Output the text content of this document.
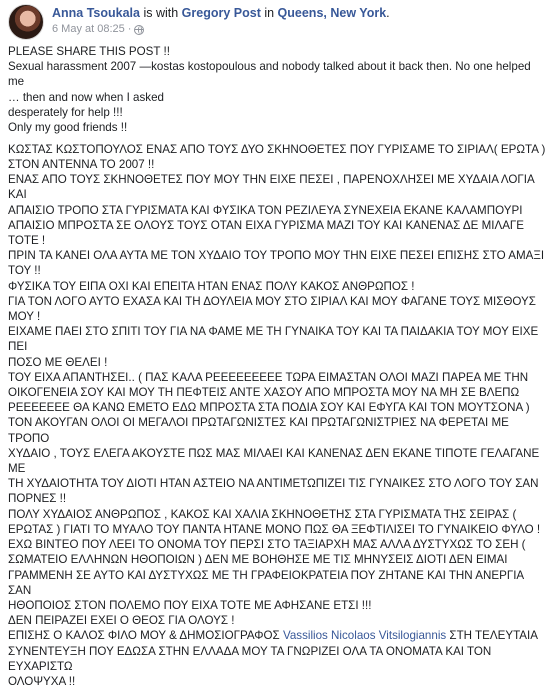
Anna Tsoukala is with Gregory Post in Queens, New York.
6 May at 08:25 ·

PLEASE SHARE THIS POST !!
Sexual harassment 2007 —kostas kostopoulous and nobody talked about it back then. No one helped me
… then and now when I asked
desperately for help !!!
Only my good friends !!

ΚΩΣΤΑΣ ΚΩΣΤΟΠΟΥΛΟΣ ΕΝΑΣ ΑΠΟ ΤΟΥΣ ΔΥΟ ΣΚΗΝΟΘΕΤΕΣ ΠΟΥ ΓΥΡΙΣΑΜΕ ΤΟ ΣΙΡΙΑΛ( ΕΡΩΤΑ )
ΣΤΟΝ ΑΝΤΕΝΝΑ ΤΟ 2007 !!
ΕΝΑΣ ΑΠΟ ΤΟΥΣ ΣΚΗΝΟΘΕΤΕΣ ΠΟΥ ΜΟΥ ΤΗΝ ΕΙΧΕ ΠΕΣΕΙ , ΠΑΡΕΝΟΧΛΗΣΕΙ ΜΕ ΧΥΔΑΙΑ ΛΟΓΙΑ ΚΑΙ
ΑΠΑΙΣΙΟ ΤΡΟΠΟ ΣΤΑ ΓΥΡΙΣΜΑΤΑ ΚΑΙ ΦΥΣΙΚΑ ΤΟΝ ΡΕΖΙΛΕΥΑ ΣΥΝΕΧΕΙΑ ΕΚΑΝΕ ΚΑΛΑΜΠΟΥΡΙ
ΑΠΑΙΣΙΟ ΜΠΡΟΣΤΑ ΣΕ ΟΛΟΥΣ ΤΟΥΣ ΟΤΑΝ ΕΙΧΑ ΓΥΡΙΣΜΑ ΜΑΖΙ ΤΟΥ ΚΑΙ ΚΑΝΕΝΑΣ ΔΕ ΜΙΛΑΓΕ ΤΟΤΕ !
ΠΡΙΝ ΤΑ ΚΑΝΕΙ ΟΛΑ ΑΥΤΑ ΜΕ ΤΟΝ ΧΥΔΑΙΟ ΤΟΥ ΤΡΟΠΟ ΜΟΥ ΤΗΝ ΕΙΧΕ ΠΕΣΕΙ ΕΠΙΣΗΣ ΣΤΟ ΑΜΑΞΙ
ΤΟΥ !!
ΦΥΣΙΚΑ ΤΟΥ ΕΙΠΑ ΟΧΙ ΚΑΙ ΕΠΕΙΤΑ ΗΤΑΝ ΕΝΑΣ ΠΟΛΥ ΚΑΚΟΣ ΑΝΘΡΩΠΟΣ !
ΓΙΑ ΤΟΝ ΛΟΓΟ ΑΥΤΟ ΕΧΑΣΑ ΚΑΙ ΤΗ ΔΟΥΛΕΙΑ ΜΟΥ ΣΤΟ ΣΙΡΙΑΛ ΚΑΙ ΜΟΥ ΦΑΓΑΝΕ ΤΟΥΣ ΜΙΣΘΟΥΣ
ΜΟΥ !
ΕΙΧΑΜΕ ΠΑΕΙ ΣΤΟ ΣΠΙΤΙ ΤΟΥ ΓΙΑ ΝΑ ΦΑΜΕ ΜΕ ΤΗ ΓΥΝΑΙΚΑ ΤΟΥ ΚΑΙ ΤΑ ΠΑΙΔΑΚΙΑ ΤΟΥ ΜΟΥ ΕΙΧΕ ΠΕΙ
ΠΟΣΟ ΜΕ ΘΕΛΕΙ !
ΤΟΥ ΕΙΧΑ ΑΠΑΝΤΗΣΕΙ.. ( ΠΑΣ ΚΑΛΑ ΡΕΕΕΕΕΕΕΕΕ ΤΩΡΑ ΕΙΜΑΣΤΑΝ ΟΛΟΙ ΜΑΖΙ ΠΑΡΕΑ ΜΕ ΤΗΝ
ΟΙΚΟΓΕΝΕΙΑ ΣΟΥ ΚΑΙ ΜΟΥ ΤΗ ΠΕΦΤΕΙΣ ΑΝΤΕ ΧΑΣΟΥ ΑΠΟ ΜΠΡΟΣΤΑ ΜΟΥ ΝΑ ΜΗ ΣΕ ΒΛΕΠΩ
ΡΕΕΕΕΕΕΕ ΘΑ ΚΑΝΩ ΕΜΕΤΟ ΕΔΩ ΜΠΡΟΣΤΑ ΣΤΑ ΠΟΔΙΑ ΣΟΥ ΚΑΙ ΕΦΥΓΑ ΚΑΙ ΤΟΝ ΜΟΥΤΣΟΝΑ )
ΤΟΝ ΑΚΟΥΓΑΝ ΟΛΟΙ ΟΙ ΜΕΓΑΛΟΙ ΠΡΩΤΑΓΩΝΙΣΤΕΣ ΚΑΙ ΠΡΩΤΑΓΩΝΙΣΤΡΙΕΣ ΝΑ ΦΕΡΕΤΑΙ ΜΕ ΤΡΟΠΟ
ΧΥΔΑΙΟ , ΤΟΥΣ ΕΛΕΓΑ ΑΚΟΥΣΤΕ ΠΩΣ ΜΑΣ ΜΙΛΑΕΙ ΚΑΙ ΚΑΝΕΝΑΣ ΔΕΝ ΕΚΑΝΕ ΤΙΠΟΤΕ ΓΕΛΑΓΑΝΕ ΜΕ
ΤΗ ΧΥΔΑΙΟΤΗΤΑ ΤΟΥ ΔΙΟΤΙ ΗΤΑΝ ΑΣΤΕΙΟ ΝΑ ΑΝΤΙΜΕΤΩΠΙΖΕΙ ΤΙΣ ΓΥΝΑΙΚΕΣ ΣΤΟ ΛΟΓΟ ΤΟΥ ΣΑΝ
ΠΟΡΝΕΣ !!
ΠΟΛΥ ΧΥΔΑΙΟΣ ΑΝΘΡΩΠΟΣ , ΚΑΚΟΣ ΚΑΙ ΧΑΛΙΑ ΣΚΗΝΟΘΕΤΗΣ ΣΤΑ ΓΥΡΙΣΜΑΤΑ ΤΗΣ ΣΕΙΡΑΣ (
ΕΡΩΤΑΣ ) ΓΙΑΤΙ ΤΟ ΜΥΑΛΟ ΤΟΥ ΠΑΝΤΑ ΗΤΑΝΕ ΜΟΝΟ ΠΩΣ ΘΑ ΞΕΦΤΙΛΙΣΕΙ ΤΟ ΓΥΝΑΙΚΕΙΟ ΦΥΛΟ !
ΕΧΩ ΒΙΝΤΕΟ ΠΟΥ ΛΕΕΙ ΤΟ ΟΝΟΜΑ ΤΟΥ ΠΕΡΣΙ ΣΤΟ ΤΑΞΙΑΡΧΗ ΜΑΣ ΑΛΛΑ ΔΥΣΤΥΧΩΣ ΤΟ ΣΕΗ (
ΣΩΜΑΤΕΙΟ ΕΛΛΗΝΩΝ ΗΘΟΠΟΙΩΝ ) ΔΕΝ ΜΕ ΒΟΗΘΗΣΕ ΜΕ ΤΙΣ ΜΗΝΥΣΕΙΣ ΔΙΟΤΙ ΔΕΝ ΕΙΜΑΙ
ΓΡΑΜΜΕΝΗ ΣΕ ΑΥΤΟ ΚΑΙ ΔΥΣΤΥΧΩΣ ΜΕ ΤΗ ΓΡΑΦΕΙΟΚΡΑΤΕΙΑ ΠΟΥ ΖΗΤΑΝΕ ΚΑΙ ΤΗΝ ΑΝΕΡΓΙΑ ΣΑΝ
ΗΘΟΠΟΙΟΣ ΣΤΟΝ ΠΟΛΕΜΟ ΠΟΥ ΕΙΧΑ ΤΟΤΕ ΜΕ ΑΦΗΣΑΝΕ ΕΤΣΙ !!!
ΔΕΝ ΠΕΙΡΑΖΕΙ ΕΧΕΙ Ο ΘΕΟΣ ΓΙΑ ΟΛΟΥΣ !
ΕΠΙΣΗΣ Ο ΚΑΛΟΣ ΦΙΛΟ ΜΟΥ & ΔΗΜΟΣΙΟΓΡΑΦΟΣ Vassilios Nicolaos Vitsilogiannis ΣΤΗ ΤΕΛΕΥΤΑΙΑ
ΣΥΝΕΝΤΕΥΞΗ ΠΟΥ ΕΔΩΣΑ ΣΤΗΝ ΕΛΛΑΔΑ ΜΟΥ ΤΑ ΓΝΩΡΙΖΕΙ ΟΛΑ ΤΑ ΟΝΟΜΑΤΑ ΚΑΙ ΤΟΝ ΕΥΧΑΡΙΣΤΩ
ΟΛΟΨΥΧΑ !!
